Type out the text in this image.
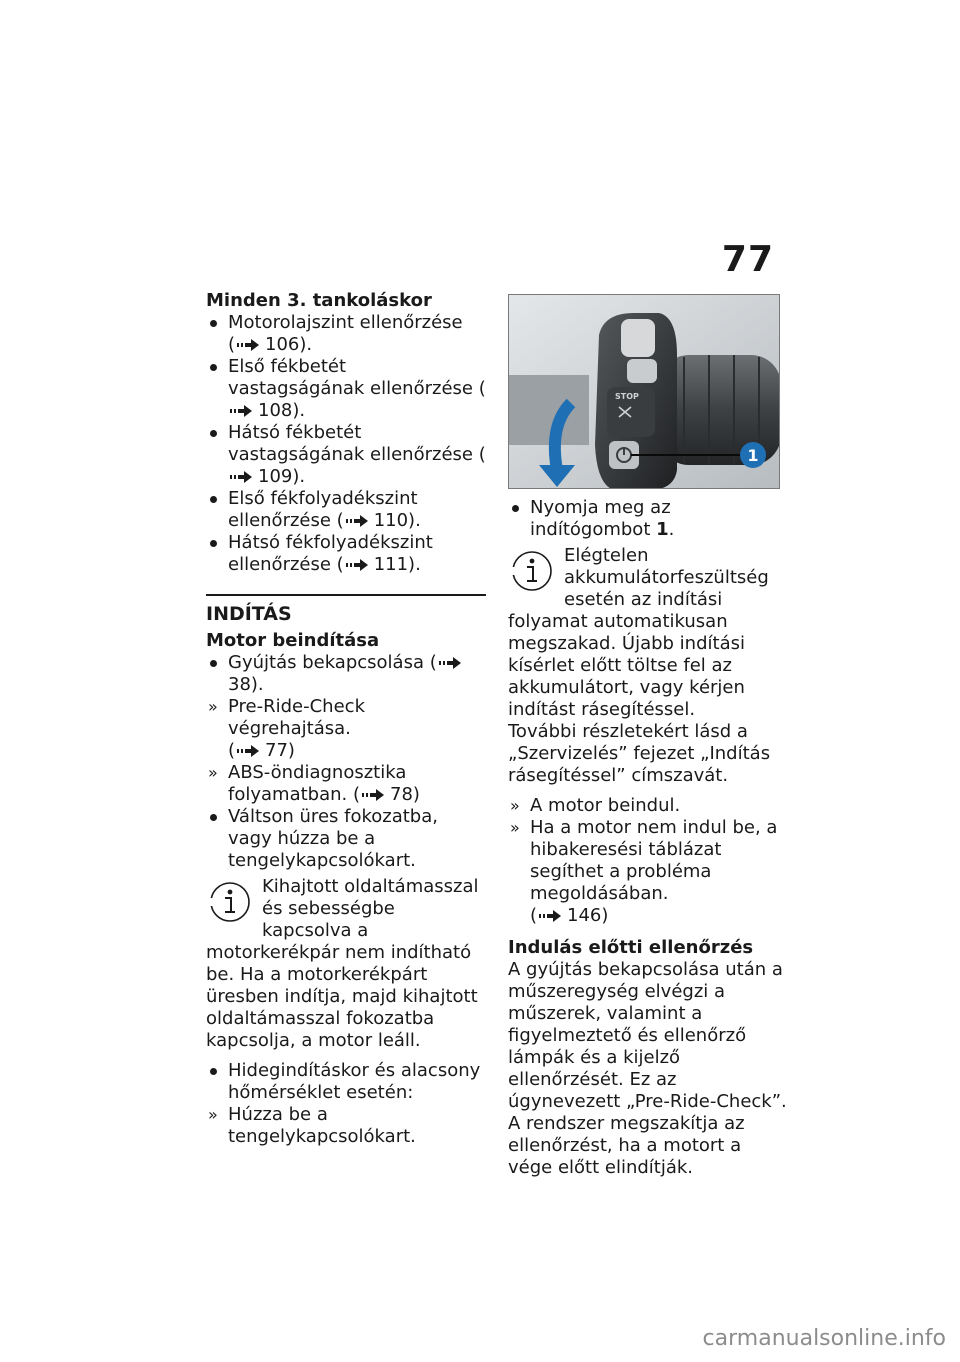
77
Minden 3. tankoláskor
Motorolajszint ellenőrzése
( 106).
Első fékbetét vastagságának ellenőrzése (108).
Hátsó fékbetét vastagságának ellenőrzése (109).
Első fékfolyadékszint ellenőrzése ( 110).
Hátsó fékfolyadékszint ellenőrzése ( 111).
INDÍTÁS
Motor beindítása
Gyújtás bekapcsolása (38).
» Pre-Ride-Check végrehajtása.
( 77)
» ABS-öndiagnosztika folyamatban. ( 78)
Váltson üres fokozatba, vagy húzza be a tengelykapcsolókart.

Kihajtott oldaltámasszal és sebességbe kapcsolva a motorkerékpár nem indítható be. Ha a motorkerékpárt üresben indítja, majd kihajtott oldaltámasszal fokozatba kapcsolja, a motor leáll.

Hidegindításkor és alacsony hőmérséklet esetén:
» Húzza be a tengelykapcsolókart.
STOP
1
Nyomja meg az indítógombot 1.

Elégtelen akkumulátorfeszültség esetén az indítási folyamat automatikusan megszakad. Újabb indítási kísérlet előtt töltse fel az akkumulátort, vagy kérjen indítást rásegítéssel.

További részletekért lásd a „Szervizelés” fejezet „Indítás rásegítéssel” címszavát.

» A motor beindul.
» Ha a motor nem indul be, a hibakeresési táblázat segíthet a probléma megoldásában.
( 146)
Indulás előtti ellenőrzés

A gyújtás bekapcsolása után a műszeregység elvégzi a műszerek, valamint a figyelmeztető és ellenőrző lámpák és a kijelző ellenőrzését. Ez az úgynevezett „Pre-Ride-Check”. A rendszer megszakítja az ellenőrzést, ha a motort a vége előtt elindítják.

carmanualsonline.info
